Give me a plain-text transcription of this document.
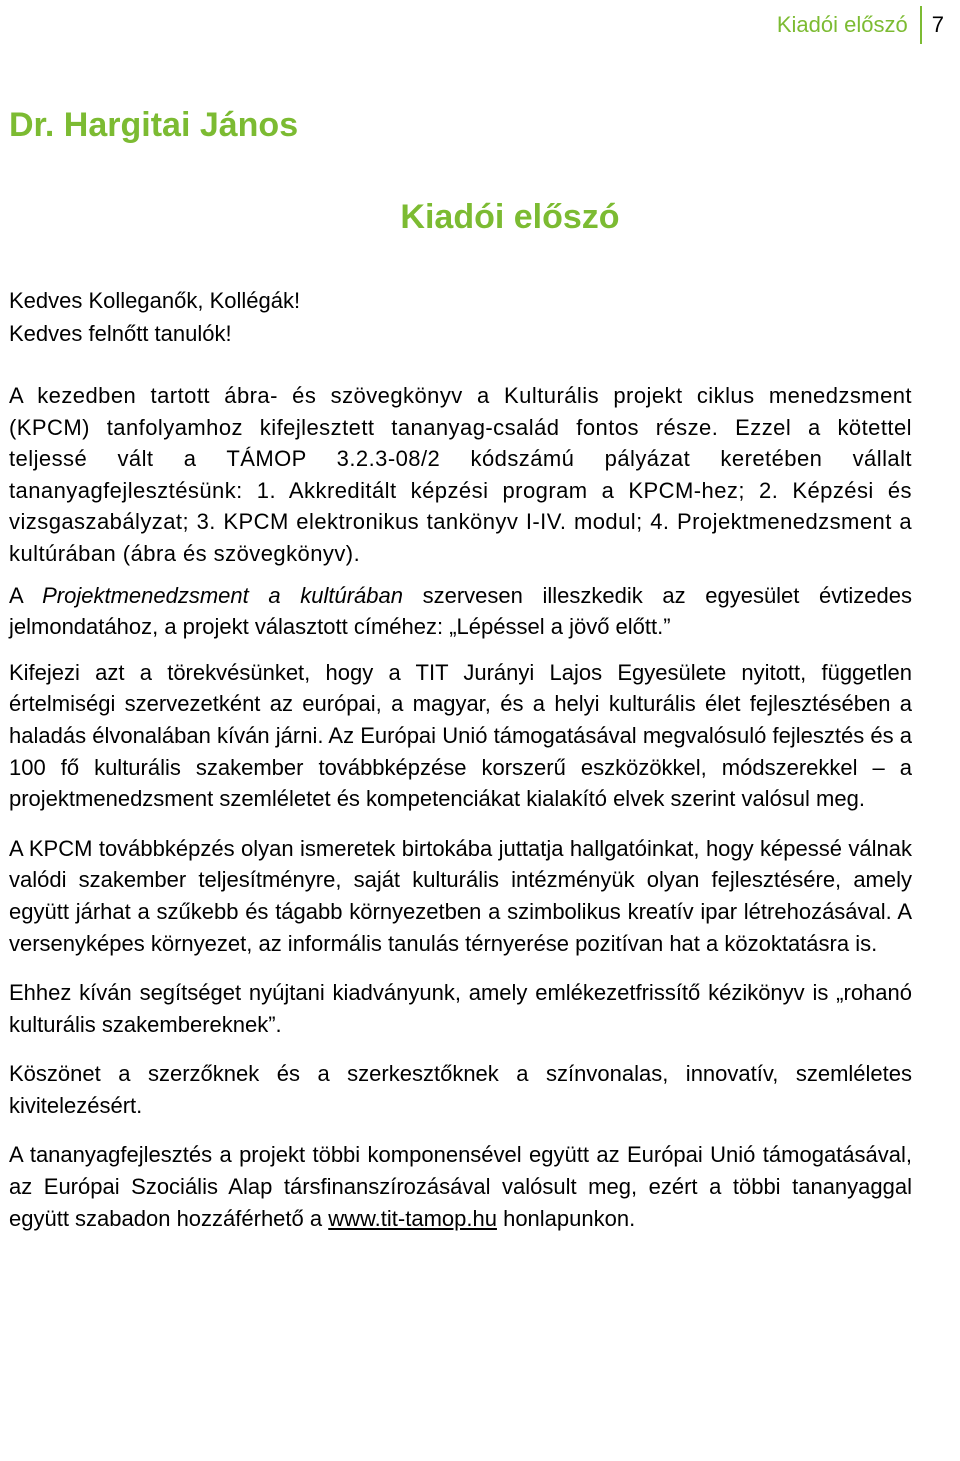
Kiadói előszó 7
Dr. Hargitai János
Kiadói előszó
Kedves Kolleganők, Kollégák!
Kedves felnőtt tanulók!

A kezedben tartott ábra- és szövegkönyv a Kulturális projekt ciklus menedzsment (KPCM) tanfolyamhoz kifejlesztett tananyag-család fontos része. Ezzel a kötettel teljessé vált a TÁMOP 3.2.3-08/2 kódszámú pályázat keretében vállalt tananyagfejlesztésünk: 1. Akkreditált képzési program a KPCM-hez; 2. Képzési és vizsgaszabályzat; 3. KPCM elektronikus tankönyv I-IV. modul; 4. Projektmenedzsment a kultúrában (ábra és szövegkönyv).

A Projektmenedzsment a kultúrában szervesen illeszkedik az egyesület évtizedes jelmondatához, a projekt választott címéhez: „Lépéssel a jövő előtt.”

Kifejezi azt a törekvésünket, hogy a TIT Jurányi Lajos Egyesülete nyitott, független értelmiségi szervezetként az európai, a magyar, és a helyi kulturális élet fejlesztésében a haladás élvonalában kíván járni. Az Európai Unió támogatásával megvalósuló fejlesztés és a 100 fő kulturális szakember továbbképzése korszerű eszközökkel, módszerekkel – a projektmenedzsment szemléletet és kompetenciákat kialakító elvek szerint valósul meg.

A KPCM továbbképzés olyan ismeretek birtokába juttatja hallgatóinkat, hogy képessé válnak valódi szakember teljesítményre, saját kulturális intézményük olyan fejlesztésére, amely együtt járhat a szűkebb és tágabb környezetben a szimbolikus kreatív ipar létrehozásával. A versenyképes környezet, az informális tanulás térnyerése pozitívan hat a közoktatásra is.

Ehhez kíván segítséget nyújtani kiadványunk, amely emlékezetfrissítő kézikönyv is „rohanó kulturális szakembereknek”.

Köszönet a szerzőknek és a szerkesztőknek a színvonalas, innovatív, szemléletes kivitelezésért.

A tananyagfejlesztés a projekt többi komponensével együtt az Európai Unió támogatásával, az Európai Szociális Alap társfinanszírozásával valósult meg, ezért a többi tananyaggal együtt szabadon hozzáférhető a www.tit-tamop.hu honlapunkon.
